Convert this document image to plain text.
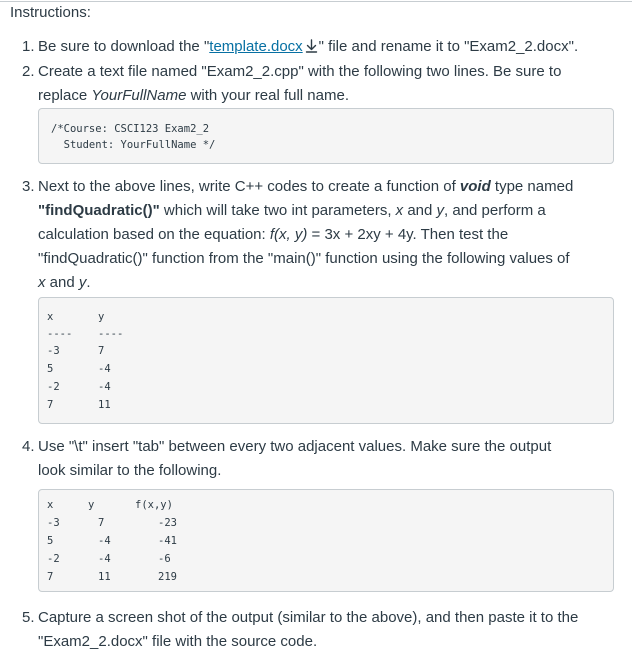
Instructions:
1. Be sure to download the "template.docx " file and rename it to "Exam2_2.docx".
2. Create a text file named "Exam2_2.cpp" with the following two lines. Be sure to
replace YourFullName with your real full name.
/*Course: CSCI123 Exam2_2
Student: YourFullName */
3. Next to the above lines, write C++ codes to create a function of void type named
"findQuadratic()" which will take two int parameters, x and y, and perform a
calculation based on the equation: f(x, y) = 3x + 2xy + 4y. Then test the
"findQuadratic()" function from the "main()" function using the following values of
x and y.
x	y
---- ----
-3	7
5	-4
-2	-4
7	11
4. Use "\t" insert "tab" between every two adjacent values. Make sure the output
look similar to the following.
x	y	f(x,y)
-3	7	-23
5	-4	-41
-2	-4	-6
7	11	219
5. Capture a screen shot of the output (similar to the above), and then paste it to the
"Exam2_2.docx" file with the source code.
